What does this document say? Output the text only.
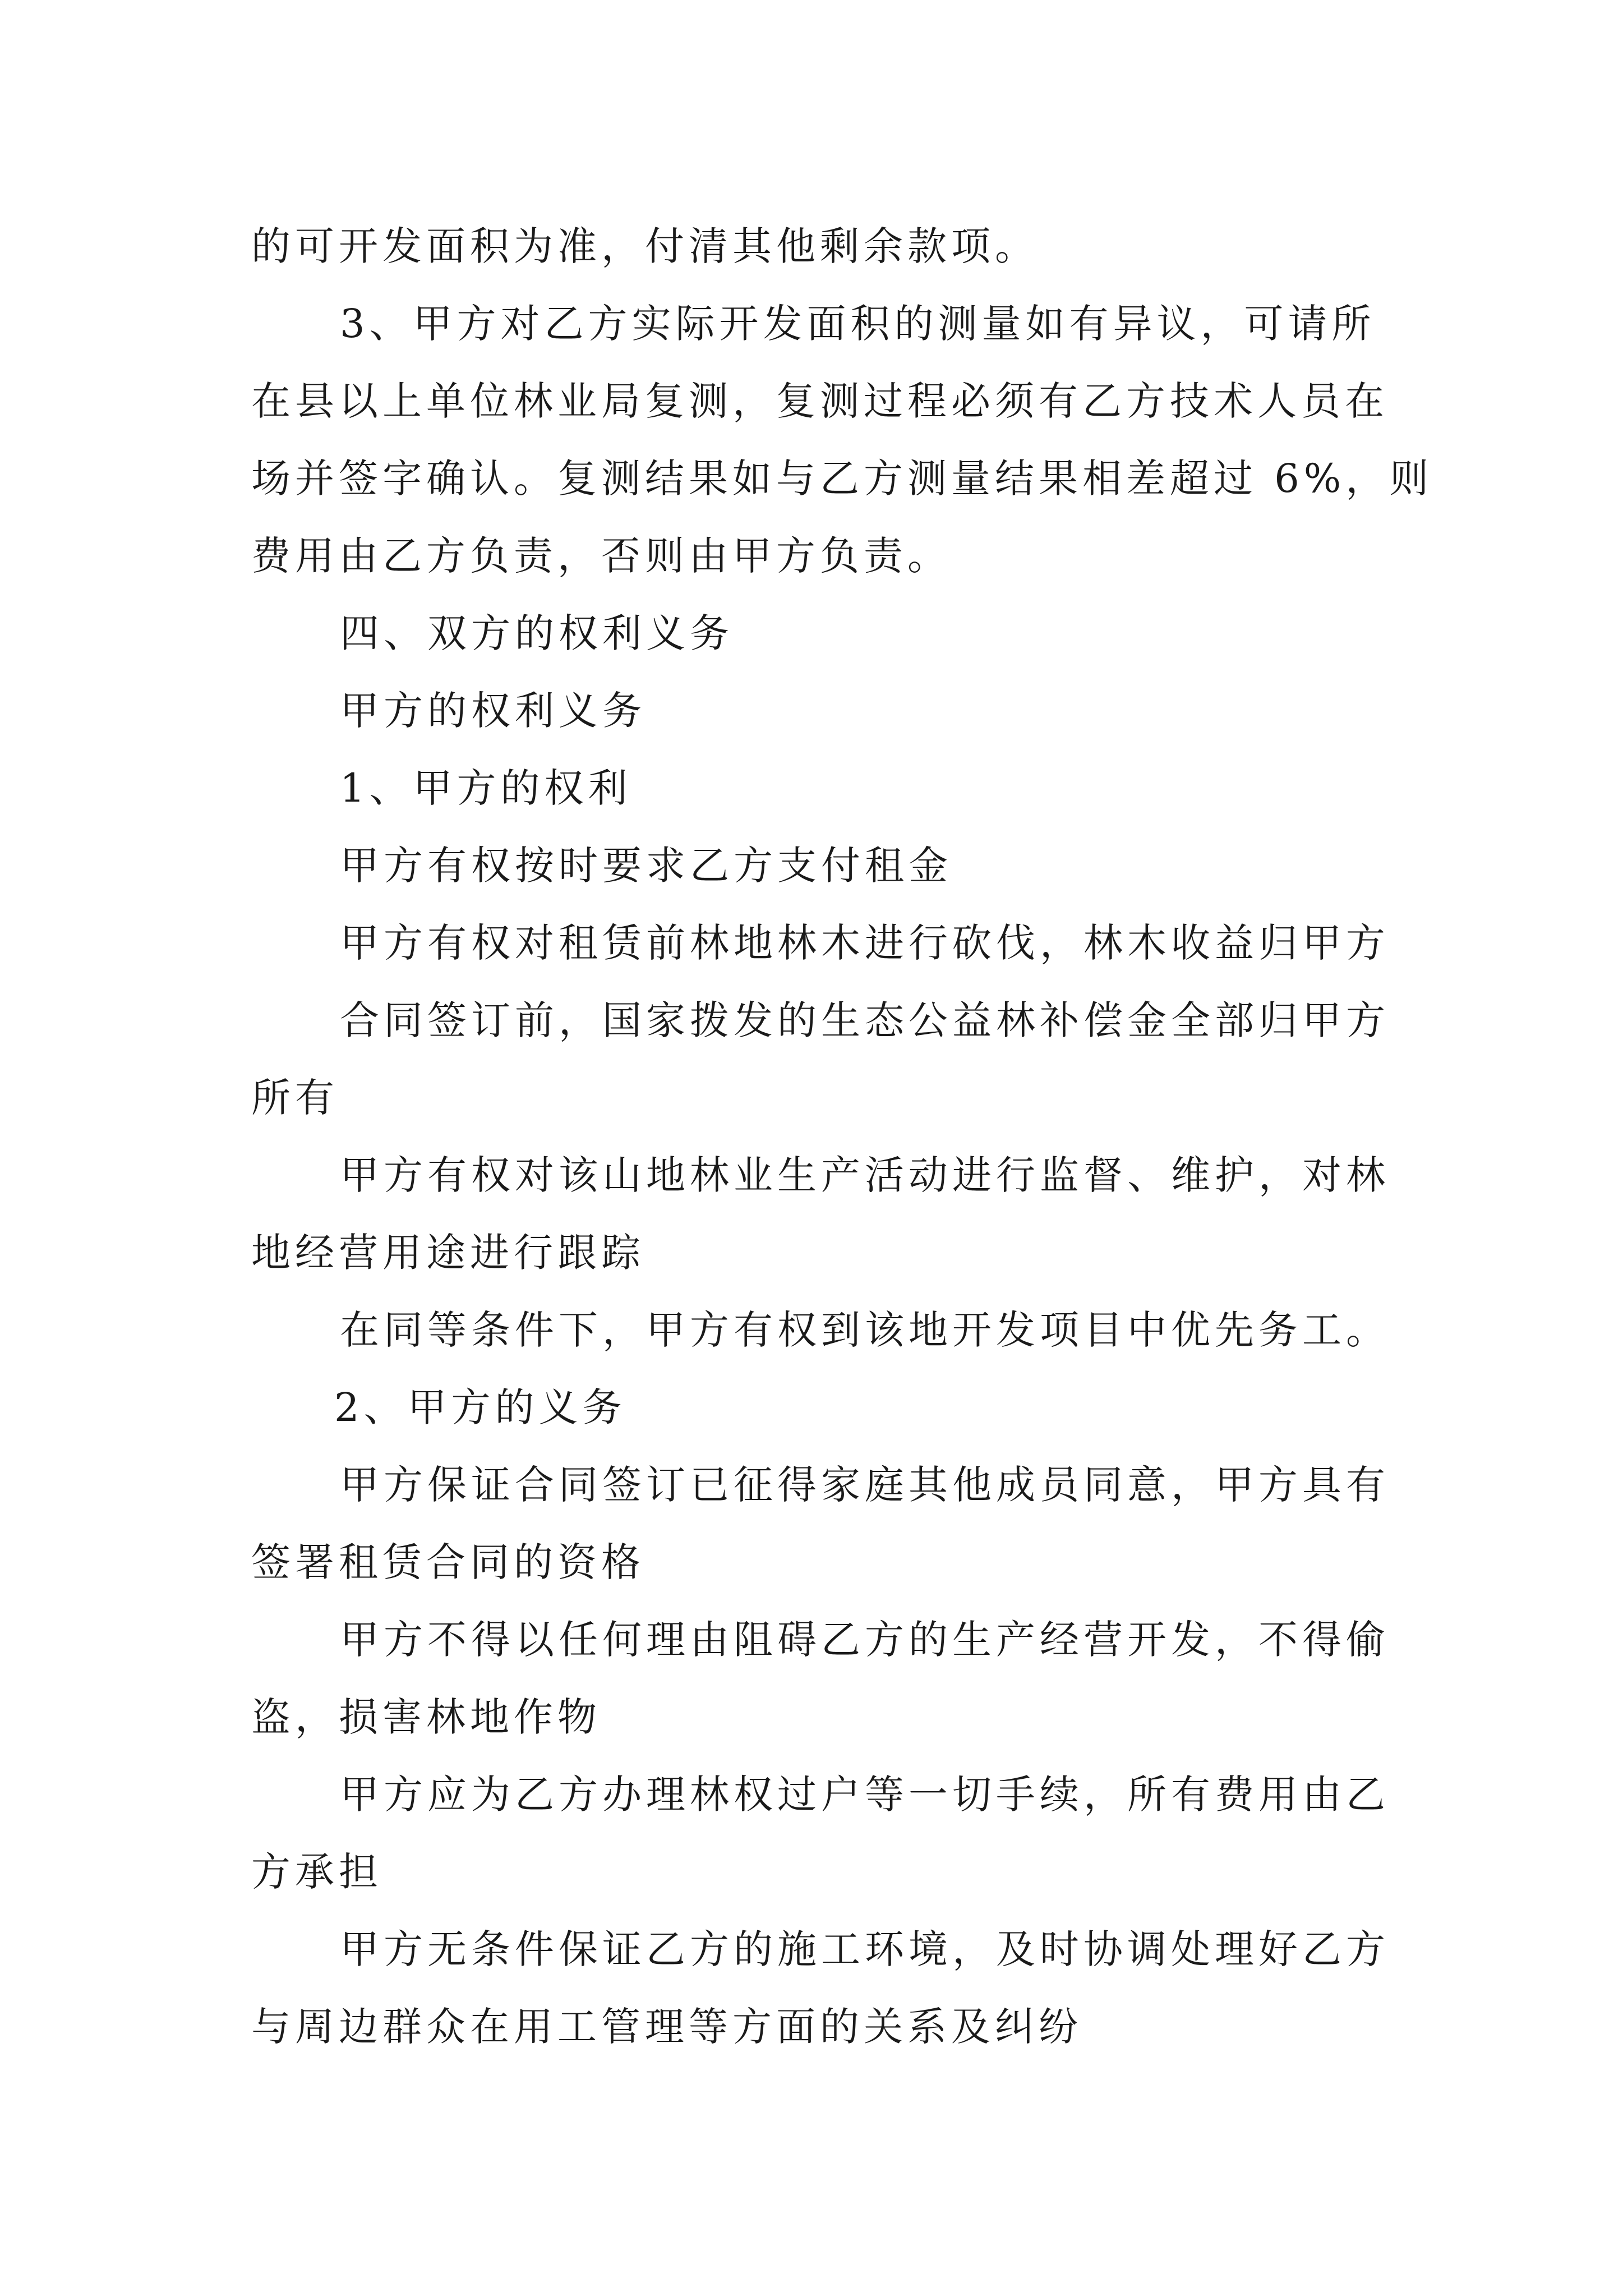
的可开发面积为准，付清其他剩余款项。
3、甲方对乙方实际开发面积的测量如有异议，可请所
在县以上单位林业局复测，复测过程必须有乙方技术人员在
场并签字确认。复测结果如与乙方测量结果相差超过 6%，则
费用由乙方负责，否则由甲方负责。
四、双方的权利义务
甲方的权利义务
1、甲方的权利
甲方有权按时要求乙方支付租金
甲方有权对租赁前林地林木进行砍伐，林木收益归甲方
合同签订前，国家拨发的生态公益林补偿金全部归甲方
所有
甲方有权对该山地林业生产活动进行监督、维护，对林
地经营用途进行跟踪
在同等条件下，甲方有权到该地开发项目中优先务工。
2、甲方的义务
甲方保证合同签订已征得家庭其他成员同意，甲方具有
签署租赁合同的资格
甲方不得以任何理由阻碍乙方的生产经营开发，不得偷
盗，损害林地作物
甲方应为乙方办理林权过户等一切手续，所有费用由乙
方承担
甲方无条件保证乙方的施工环境，及时协调处理好乙方
与周边群众在用工管理等方面的关系及纠纷
